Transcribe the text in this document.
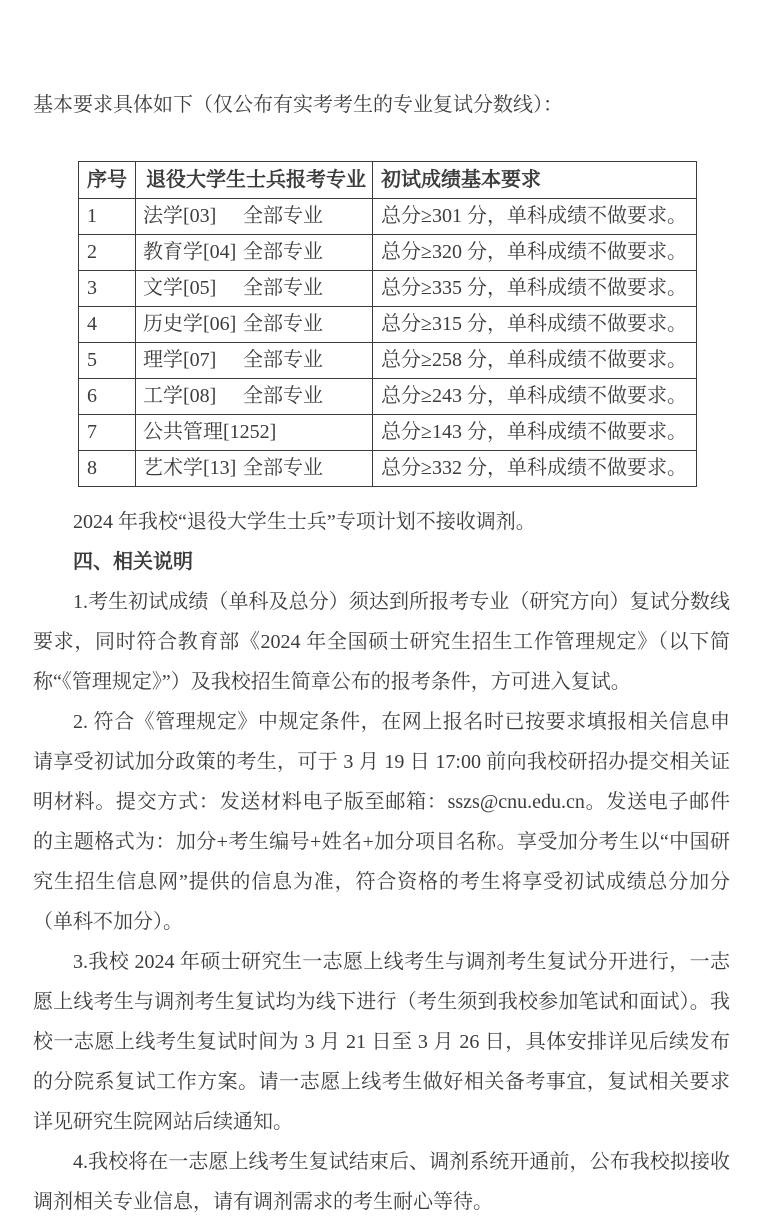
基本要求具体如下（仅公布有实考考生的专业复试分数线）：

序号	退役大学生士兵报考专业	初试成绩基本要求
1	法学[03] 全部专业	总分≥301 分，单科成绩不做要求。
2	教育学[04] 全部专业	总分≥320 分，单科成绩不做要求。
3	文学[05] 全部专业	总分≥335 分，单科成绩不做要求。
4	历史学[06] 全部专业	总分≥315 分，单科成绩不做要求。
5	理学[07] 全部专业	总分≥258 分，单科成绩不做要求。
6	工学[08] 全部专业	总分≥243 分，单科成绩不做要求。
7	公共管理[1252]	总分≥143 分，单科成绩不做要求。
8	艺术学[13] 全部专业	总分≥332 分，单科成绩不做要求。

2024 年我校“退役大学生士兵”专项计划不接收调剂。

四、相关说明

1.考生初试成绩（单科及总分）须达到所报考专业（研究方向）复试分数线要求，同时符合教育部《2024 年全国硕士研究生招生工作管理规定》（以下简称“《管理规定》”）及我校招生简章公布的报考条件，方可进入复试。

2. 符合《管理规定》中规定条件，在网上报名时已按要求填报相关信息申请享受初试加分政策的考生，可于 3 月 19 日 17:00 前向我校研招办提交相关证明材料。提交方式：发送材料电子版至邮箱：sszs@cnu.edu.cn。发送电子邮件的主题格式为：加分+考生编号+姓名+加分项目名称。享受加分考生以“中国研究生招生信息网”提供的信息为准，符合资格的考生将享受初试成绩总分加分（单科不加分）。

3.我校 2024 年硕士研究生一志愿上线考生与调剂考生复试分开进行，一志愿上线考生与调剂考生复试均为线下进行（考生须到我校参加笔试和面试）。我校一志愿上线考生复试时间为 3 月 21 日至 3 月 26 日，具体安排详见后续发布的分院系复试工作方案。请一志愿上线考生做好相关备考事宜，复试相关要求详见研究生院网站后续通知。

4.我校将在一志愿上线考生复试结束后、调剂系统开通前，公布我校拟接收调剂相关专业信息，请有调剂需求的考生耐心等待。
